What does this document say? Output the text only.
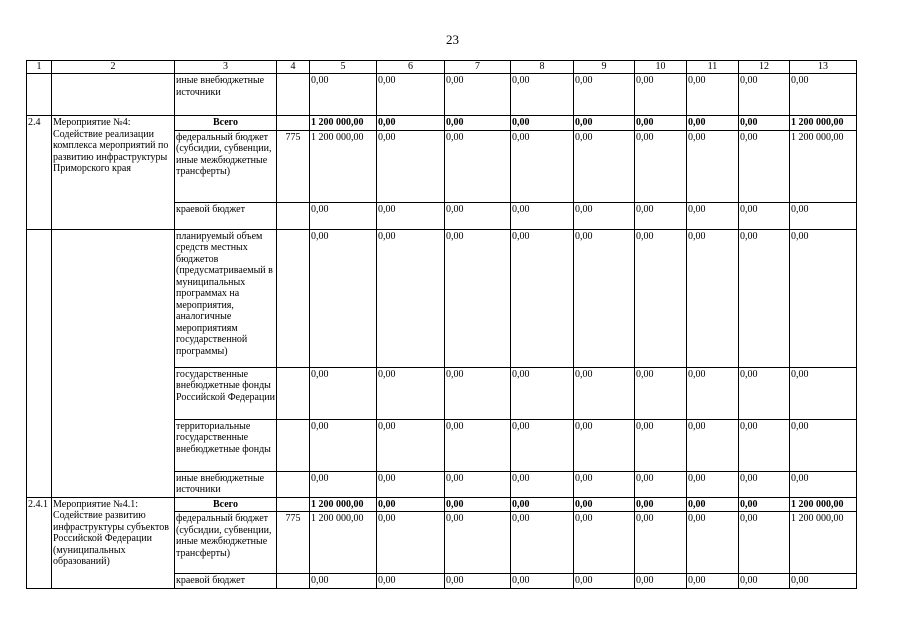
23
1	2	3	4	5	6	7	8	9	10	11	12	13
		иные внебюджетные источники		0,00	0,00	0,00	0,00	0,00	0,00	0,00	0,00	0,00
2.4	Мероприятие №4: Содействие реализации комплекса мероприятий по развитию инфраструктуры Приморского края	Всего		1 200 000,00	0,00	0,00	0,00	0,00	0,00	0,00	0,00	1 200 000,00
		федеральный бюджет (субсидии, субвенции, иные межбюджетные трансферты)	775	1 200 000,00	0,00	0,00	0,00	0,00	0,00	0,00	0,00	1 200 000,00
		краевой бюджет		0,00	0,00	0,00	0,00	0,00	0,00	0,00	0,00	0,00
		планируемый объем средств местных бюджетов (предусматриваемый в муниципальных программах на мероприятия, аналогичные мероприятиям государственной программы)		0,00	0,00	0,00	0,00	0,00	0,00	0,00	0,00	0,00
		государственные внебюджетные фонды Российской Федерации		0,00	0,00	0,00	0,00	0,00	0,00	0,00	0,00	0,00
		территориальные государственные внебюджетные фонды		0,00	0,00	0,00	0,00	0,00	0,00	0,00	0,00	0,00
		иные внебюджетные источники		0,00	0,00	0,00	0,00	0,00	0,00	0,00	0,00	0,00
2.4.1	Мероприятие №4.1: Содействие развитию инфраструктуры субъектов Российской Федерации (муниципальных образований)	Всего		1 200 000,00	0,00	0,00	0,00	0,00	0,00	0,00	0,00	1 200 000,00
		федеральный бюджет (субсидии, субвенции, иные межбюджетные трансферты)	775	1 200 000,00	0,00	0,00	0,00	0,00	0,00	0,00	0,00	1 200 000,00
		краевой бюджет		0,00	0,00	0,00	0,00	0,00	0,00	0,00	0,00	0,00
